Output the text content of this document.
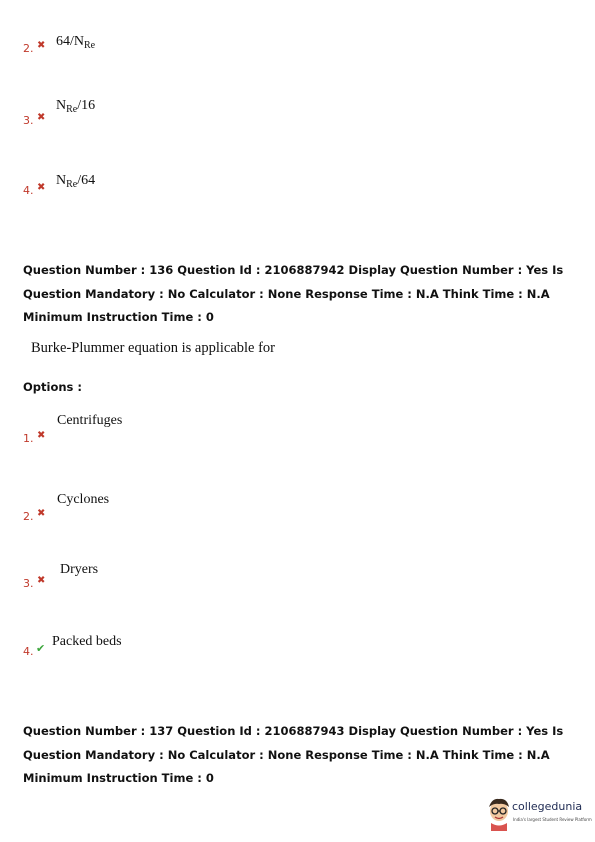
2. ✖ $64/N_{Re}$
3. ✖
$N_{Re}/16$
4. ✖ $N_{Re}/64$
Question Number : 136 Question Id : 2106887942 Display Question Number : Yes Is Question Mandatory : No Calculator : None Response Time : N.A Think Time : N.A Minimum Instruction Time : 0
Burke-Plummer equation is applicable for
Options :
1. ✖
Centrifuges
2. ✖
Cyclones
3. ✖
Dryers
4. ✔ Packed beds
Question Number : 137 Question Id : 2106887943 Display Question Number : Yes Is Question Mandatory : No Calculator : None Response Time : N.A Think Time : N.A Minimum Instruction Time : 0
collegedunia
India's largest Student Review Platform
